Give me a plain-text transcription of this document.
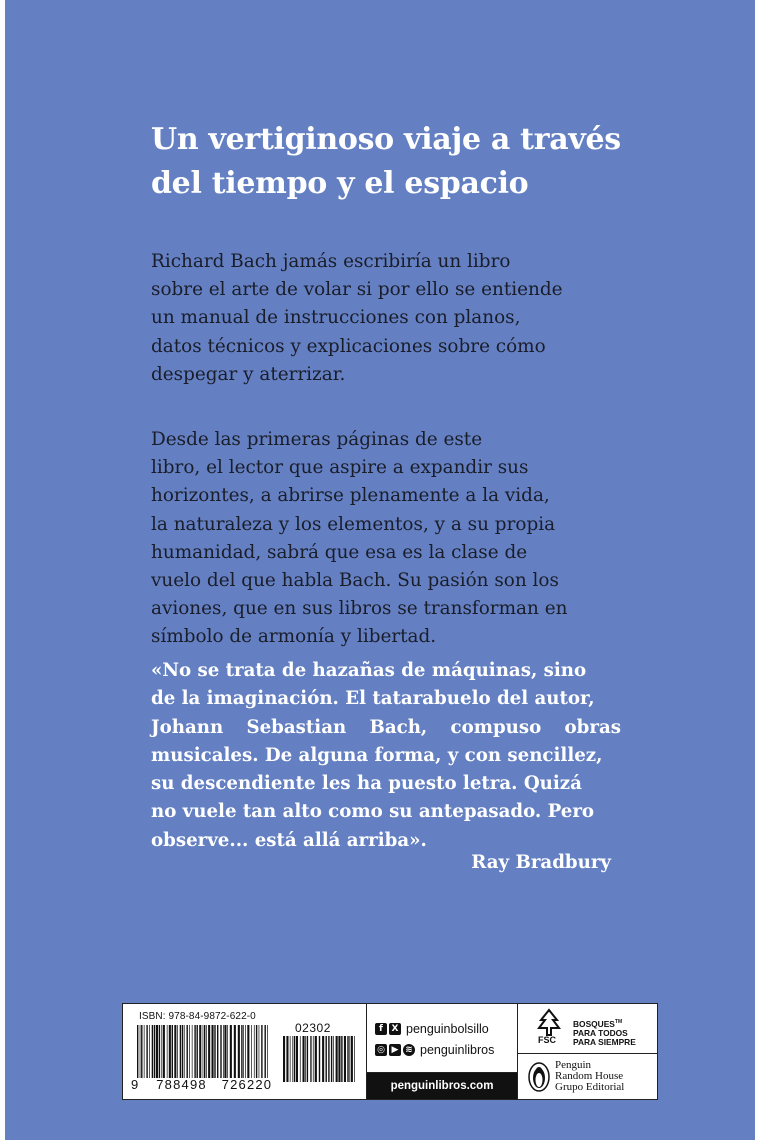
Un vertiginoso viaje a través
del tiempo y el espacio
Richard Bach jamás escribiría un libro
sobre el arte de volar si por ello se entiende
un manual de instrucciones con planos,
datos técnicos y explicaciones sobre cómo
despegar y aterrizar.
Desde las primeras páginas de este
libro, el lector que aspire a expandir sus
horizontes, a abrirse plenamente a la vida,
la naturaleza y los elementos, y a su propia
humanidad, sabrá que esa es la clase de
vuelo del que habla Bach. Su pasión son los
aviones, que en sus libros se transforman en
símbolo de armonía y libertad.
«No se trata de hazañas de máquinas, sino
de la imaginación. El tatarabuelo del autor,
Johann Sebastian Bach, compuso obras
musicales. De alguna forma, y con sencillez,
su descendiente les ha puesto letra. Quizá
no vuele tan alto como su antepasado. Pero
observe... está allá arriba».
Ray Bradbury
ISBN: 978-84-9872-622-0
02302
9 788498 726220
f X penguinbolsillo
◎ ▶ ≋ penguinlibros
penguinlibros.com
FSC
BOSQUES™
PARA TODOS
PARA SIEMPRE
Penguin
Random House
Grupo Editorial
